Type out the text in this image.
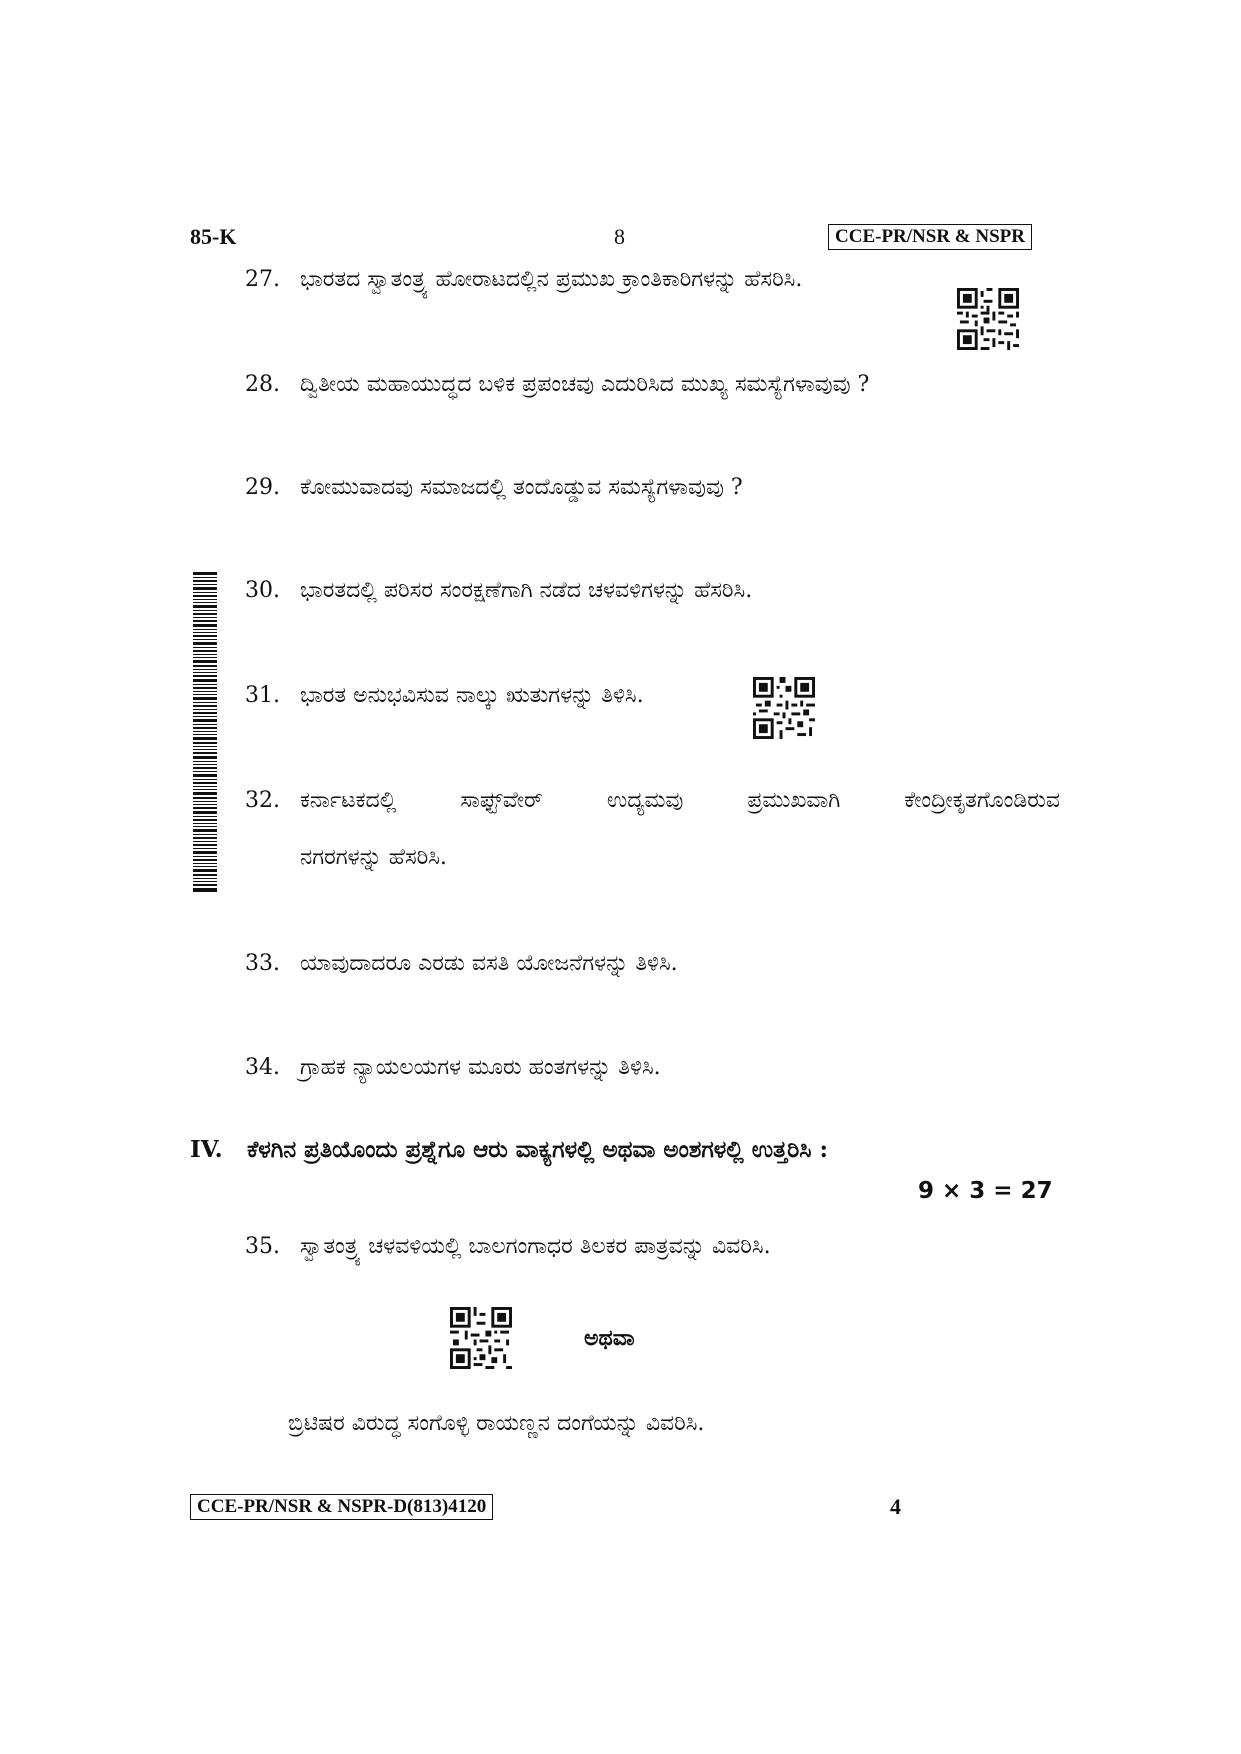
85-K	8	CCE-PR/NSR & NSPR
27. ಭಾರತದ ಸ್ವಾತಂತ್ರ್ಯ ಹೋರಾಟದಲ್ಲಿನ ಪ್ರಮುಖ ಕ್ರಾಂತಿಕಾರಿಗಳನ್ನು ಹೆಸರಿಸಿ.
28. ದ್ವಿತೀಯ ಮಹಾಯುದ್ಧದ ಬಳಿಕ ಪ್ರಪಂಚವು ಎದುರಿಸಿದ ಮುಖ್ಯ ಸಮಸ್ಯೆಗಳಾವುವು ?
29. ಕೋಮುವಾದವು ಸಮಾಜದಲ್ಲಿ ತಂದೊಡ್ಡುವ ಸಮಸ್ಯೆಗಳಾವುವು ?
30. ಭಾರತದಲ್ಲಿ ಪರಿಸರ ಸಂರಕ್ಷಣೆಗಾಗಿ ನಡೆದ ಚಳವಳಿಗಳನ್ನು ಹೆಸರಿಸಿ.
31. ಭಾರತ ಅನುಭವಿಸುವ ನಾಲ್ಕು ಋತುಗಳನ್ನು ತಿಳಿಸಿ.
32. ಕರ್ನಾಟಕದಲ್ಲಿ ಸಾಫ್ಟ್‌ವೇರ್ ಉದ್ಯಮವು ಪ್ರಮುಖವಾಗಿ ಕೇಂದ್ರೀಕೃತಗೊಂಡಿರುವ
ನಗರಗಳನ್ನು ಹೆಸರಿಸಿ.
33. ಯಾವುದಾದರೂ ಎರಡು ವಸತಿ ಯೋಜನೆಗಳನ್ನು ತಿಳಿಸಿ.
34. ಗ್ರಾಹಕ ನ್ಯಾಯಲಯಗಳ ಮೂರು ಹಂತಗಳನ್ನು ತಿಳಿಸಿ.
IV. ಕೆಳಗಿನ ಪ್ರತಿಯೊಂದು ಪ್ರಶ್ನೆಗೂ ಆರು ವಾಕ್ಯಗಳಲ್ಲಿ ಅಥವಾ ಅಂಶಗಳಲ್ಲಿ ಉತ್ತರಿಸಿ :
9 × 3 = 27
35. ಸ್ವಾತಂತ್ರ್ಯ ಚಳವಳಿಯಲ್ಲಿ ಬಾಲಗಂಗಾಧರ ತಿಲಕರ ಪಾತ್ರವನ್ನು ವಿವರಿಸಿ.
ಅಥವಾ
ಬ್ರಿಟಿಷರ ವಿರುದ್ಧ ಸಂಗೊಳ್ಳಿ ರಾಯಣ್ಣನ ದಂಗೆಯನ್ನು ವಿವರಿಸಿ.
CCE-PR/NSR & NSPR-D(813)4120	4
